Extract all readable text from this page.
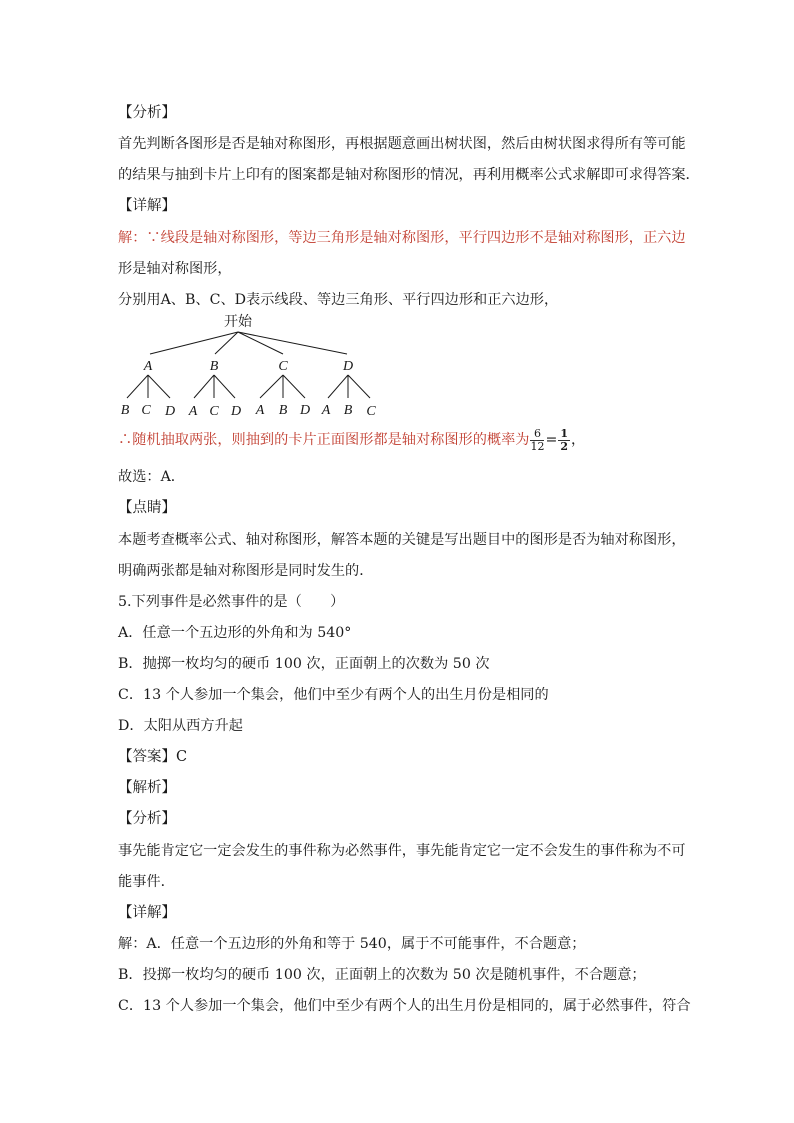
【分析】
首先判断各图形是否是轴对称图形，再根据题意画出树状图，然后由树状图求得所有等可能
的结果与抽到卡片上印有的图案都是轴对称图形的情况，再利用概率公式求解即可求得答案．
【详解】
解：∵线段是轴对称图形，等边三角形是轴对称图形，平行四边形不是轴对称图形，正六边
形是轴对称图形，
分别用A、B、C、D表示线段、等边三角形、平行四边形和正六边形，
开始
A	B	C	D
B C D A C D A B D A B C
∴随机抽取两张，则抽到的卡片正面图形都是轴对称图形的概率为 $\frac{6}{12} = \frac{1}{2}$ ，
故选：A．
【点睛】
本题考查概率公式、轴对称图形，解答本题的关键是写出题目中的图形是否为轴对称图形，
明确两张都是轴对称图形是同时发生的．
5.下列事件是必然事件的是（　　）
A．任意一个五边形的外角和为 540°
B．抛掷一枚均匀的硬币 100 次，正面朝上的次数为 50 次
C．13 个人参加一个集会，他们中至少有两个人的出生月份是相同的
D．太阳从西方升起
【答案】C
【解析】
【分析】
事先能肯定它一定会发生的事件称为必然事件，事先能肯定它一定不会发生的事件称为不可
能事件．
【详解】
解：A．任意一个五边形的外角和等于 540，属于不可能事件，不合题意；
B．投掷一枚均匀的硬币 100 次，正面朝上的次数为 50 次是随机事件，不合题意；
C．13 个人参加一个集会，他们中至少有两个人的出生月份是相同的，属于必然事件，符合
